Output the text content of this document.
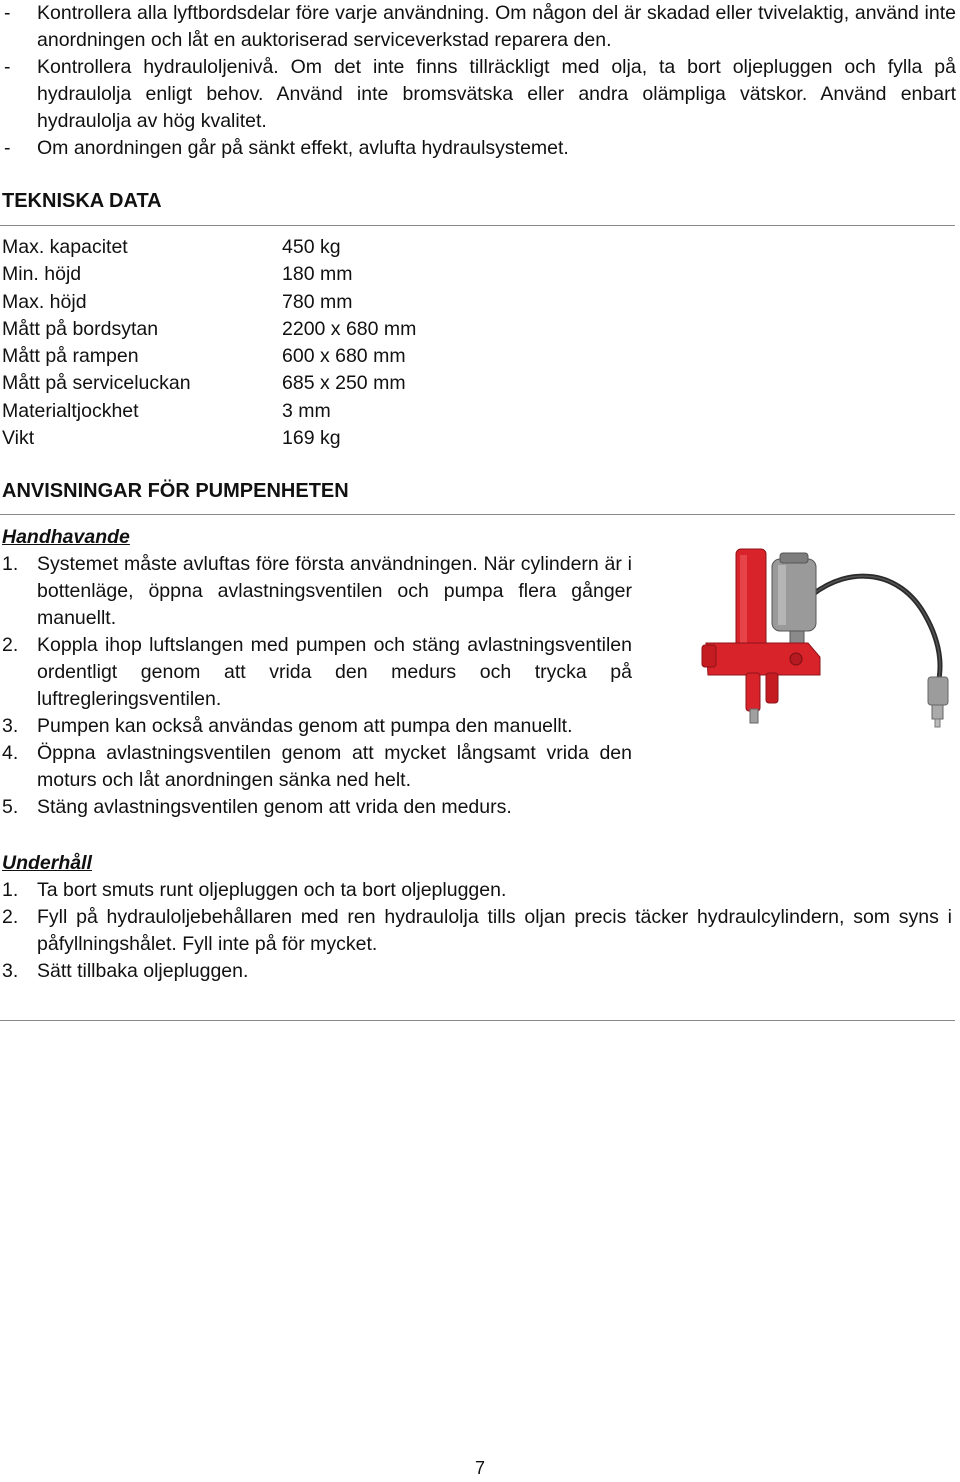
-	Kontrollera alla lyftbordsdelar före varje användning. Om någon del är skadad eller tvivelaktig, använd inte anordningen och låt en auktoriserad serviceverkstad reparera den.
-	Kontrollera hydrauloljenivå. Om det inte finns tillräckligt med olja, ta bort oljepluggen och fylla på hydraulolja enligt behov. Använd inte bromsvätska eller andra olämpliga vätskor. Använd enbart hydraulolja av hög kvalitet.
-	Om anordningen går på sänkt effekt, avlufta hydraulsystemet.
TEKNISKA DATA
Max. kapacitet	450 kg
Min. höjd	180 mm
Max. höjd	780 mm
Mått på bordsytan	2200 x 680 mm
Mått på rampen	600 x 680 mm
Mått på serviceluckan	685 x 250 mm
Materialtjockhet	3 mm
Vikt	169 kg
ANVISNINGAR FÖR PUMPENHETEN
Handhavande
1. Systemet måste avluftas före första användningen. När cylindern är i bottenläge, öppna avlastningsventilen och pumpa flera gånger manuellt.
2. Koppla ihop luftslangen med pumpen och stäng avlastningsventilen ordentligt genom att vrida den medurs och trycka på luftregleringsventilen.
3. Pumpen kan också användas genom att pumpa den manuellt.
4. Öppna avlastningsventilen genom att mycket långsamt vrida den moturs och låt anordningen sänka ned helt.
5. Stäng avlastningsventilen genom att vrida den medurs.
Underhåll
1. Ta bort smuts runt oljepluggen och ta bort oljepluggen.
2. Fyll på hydrauloljebehållaren med ren hydraulolja tills oljan precis täcker hydraulcylindern, som syns i påfyllningshålet. Fyll inte på för mycket.
3. Sätt tillbaka oljepluggen.
7
